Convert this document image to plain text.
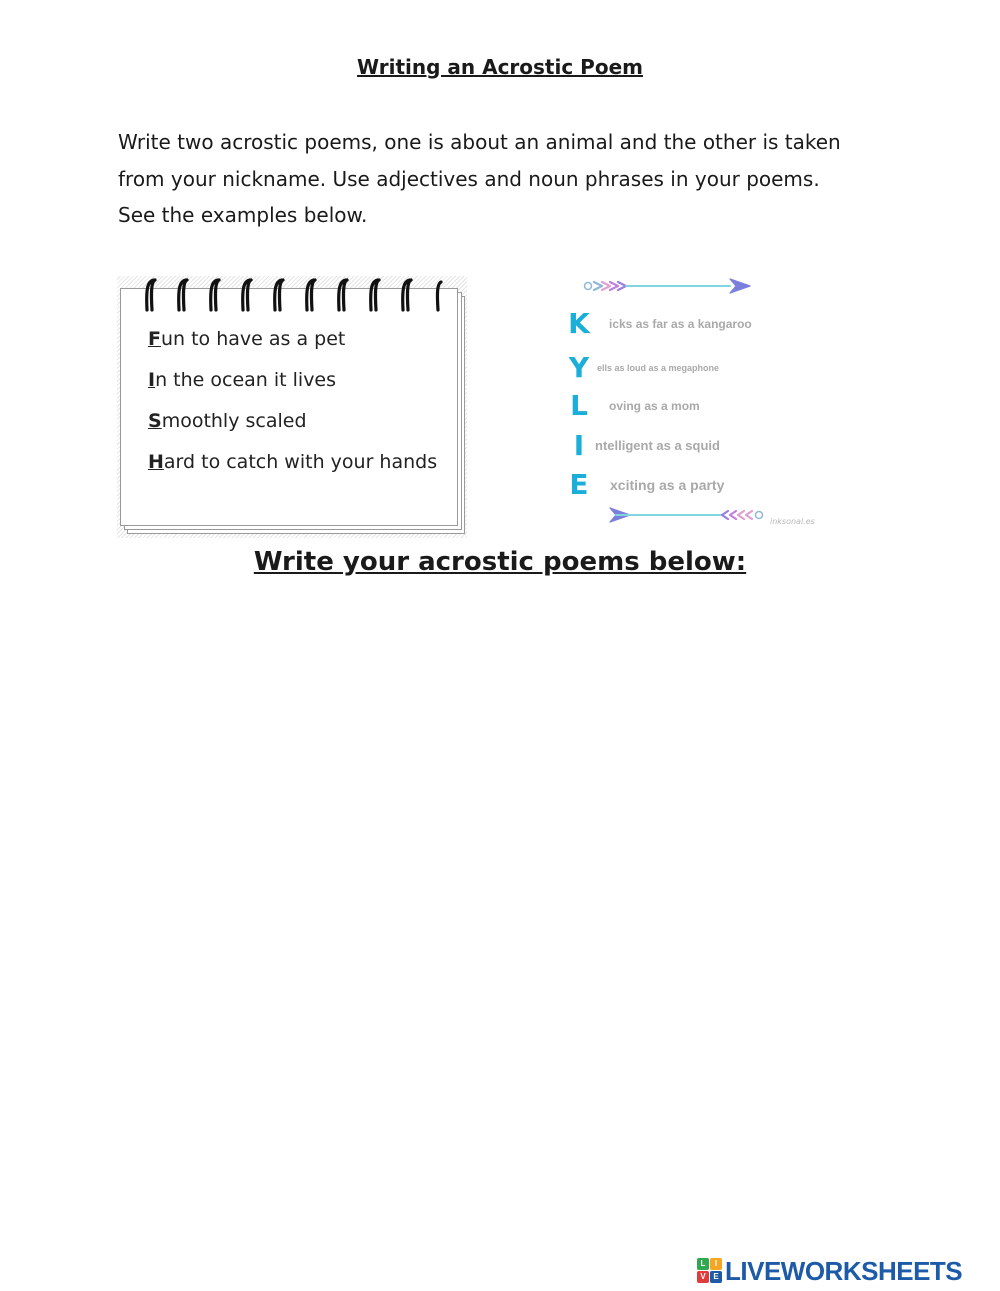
Writing an Acrostic Poem

Write two acrostic poems, one is about an animal and the other is taken
from your nickname. Use adjectives and noun phrases in your poems.
See the examples below.

Fun to have as a pet
In the ocean it lives
Smoothly scaled
Hard to catch with your hands
K icks as far as a kangaroo
Y ells as loud as a megaphone
L oving as a mom
I ntelligent as a squid
E xciting as a party
inksonal.es
Write your acrostic poems below:
L	I
V E LIVEWORKSHEETS
